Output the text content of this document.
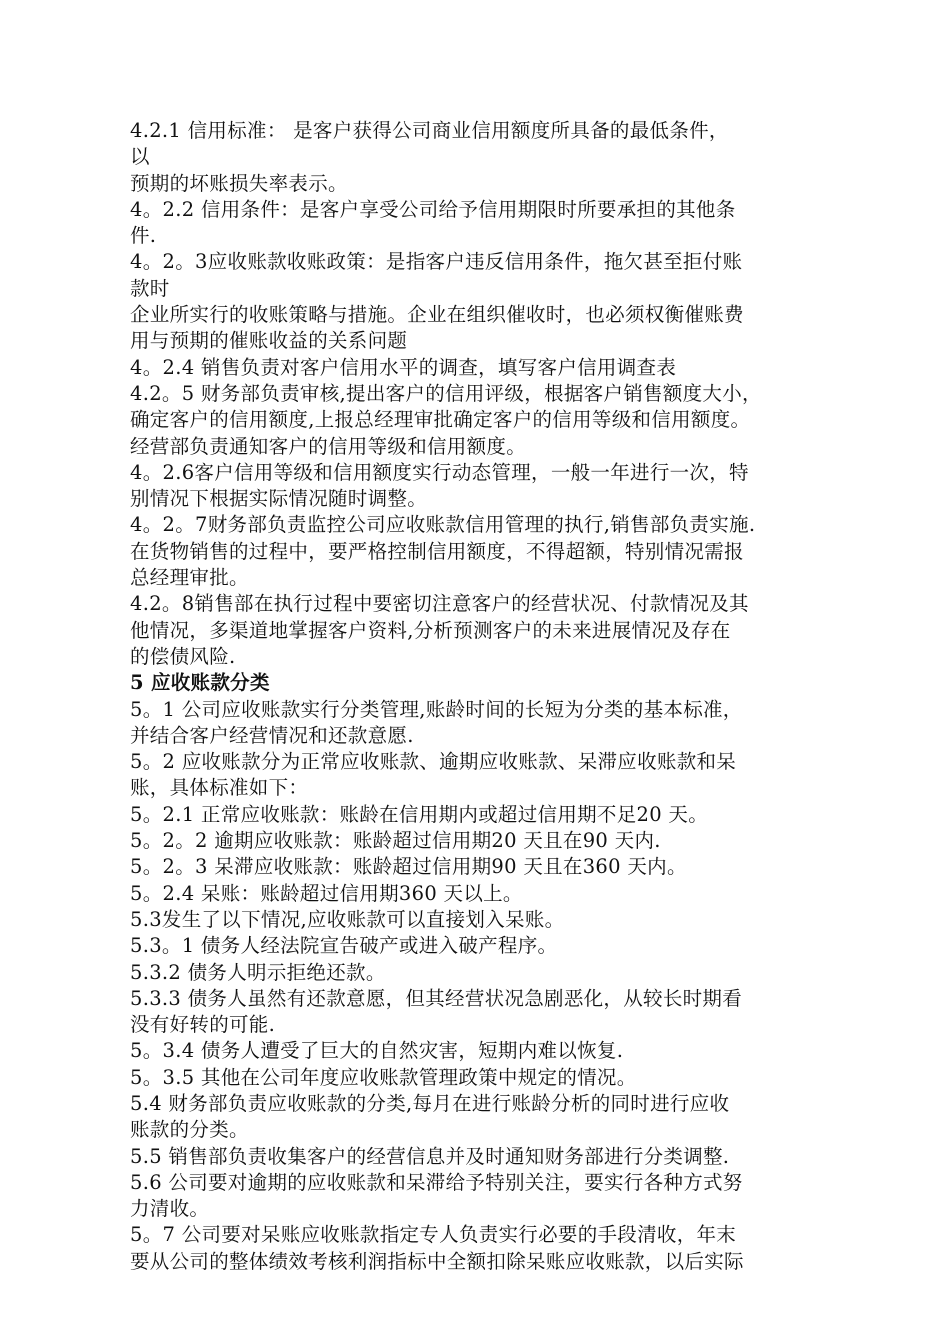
4.2.1 信用标准： 是客户获得公司商业信用额度所具备的最低条件，
以
预期的坏账损失率表示。
4。2.2 信用条件：是客户享受公司给予信用期限时所要承担的其他条
件.
4。2。3应收账款收账政策：是指客户违反信用条件，拖欠甚至拒付账
款时
企业所实行的收账策略与措施。企业在组织催收时，也必须权衡催账费
用与预期的催账收益的关系问题
4。2.4 销售负责对客户信用水平的调查，填写客户信用调查表
4.2。5 财务部负责审核,提出客户的信用评级，根据客户销售额度大小，
确定客户的信用额度,上报总经理审批确定客户的信用等级和信用额度。
经营部负责通知客户的信用等级和信用额度。
4。2.6客户信用等级和信用额度实行动态管理，一般一年进行一次，特
别情况下根据实际情况随时调整。
4。2。7财务部负责监控公司应收账款信用管理的执行,销售部负责实施.
在货物销售的过程中，要严格控制信用额度，不得超额，特别情况需报
总经理审批。
4.2。8销售部在执行过程中要密切注意客户的经营状况、付款情况及其
他情况，多渠道地掌握客户资料,分析预测客户的未来进展情况及存在
的偿债风险.
5 应收账款分类
5。1 公司应收账款实行分类管理,账龄时间的长短为分类的基本标准，
并结合客户经营情况和还款意愿.
5。2 应收账款分为正常应收账款、逾期应收账款、呆滞应收账款和呆
账，具体标准如下：
5。2.1 正常应收账款：账龄在信用期内或超过信用期不足20 天。
5。2。2 逾期应收账款：账龄超过信用期20 天且在90 天内.
5。2。3 呆滞应收账款：账龄超过信用期90 天且在360 天内。
5。2.4 呆账：账龄超过信用期360 天以上。
5.3发生了以下情况,应收账款可以直接划入呆账。
5.3。1 债务人经法院宣告破产或进入破产程序。
5.3.2 债务人明示拒绝还款。
5.3.3 债务人虽然有还款意愿，但其经营状况急剧恶化，从较长时期看
没有好转的可能.
5。3.4 债务人遭受了巨大的自然灾害，短期内难以恢复.
5。3.5 其他在公司年度应收账款管理政策中规定的情况。
5.4 财务部负责应收账款的分类,每月在进行账龄分析的同时进行应收
账款的分类。
5.5 销售部负责收集客户的经营信息并及时通知财务部进行分类调整.
5.6 公司要对逾期的应收账款和呆滞给予特别关注，要实行各种方式努
力清收。
5。7 公司要对呆账应收账款指定专人负责实行必要的手段清收，年末
要从公司的整体绩效考核利润指标中全额扣除呆账应收账款，以后实际
